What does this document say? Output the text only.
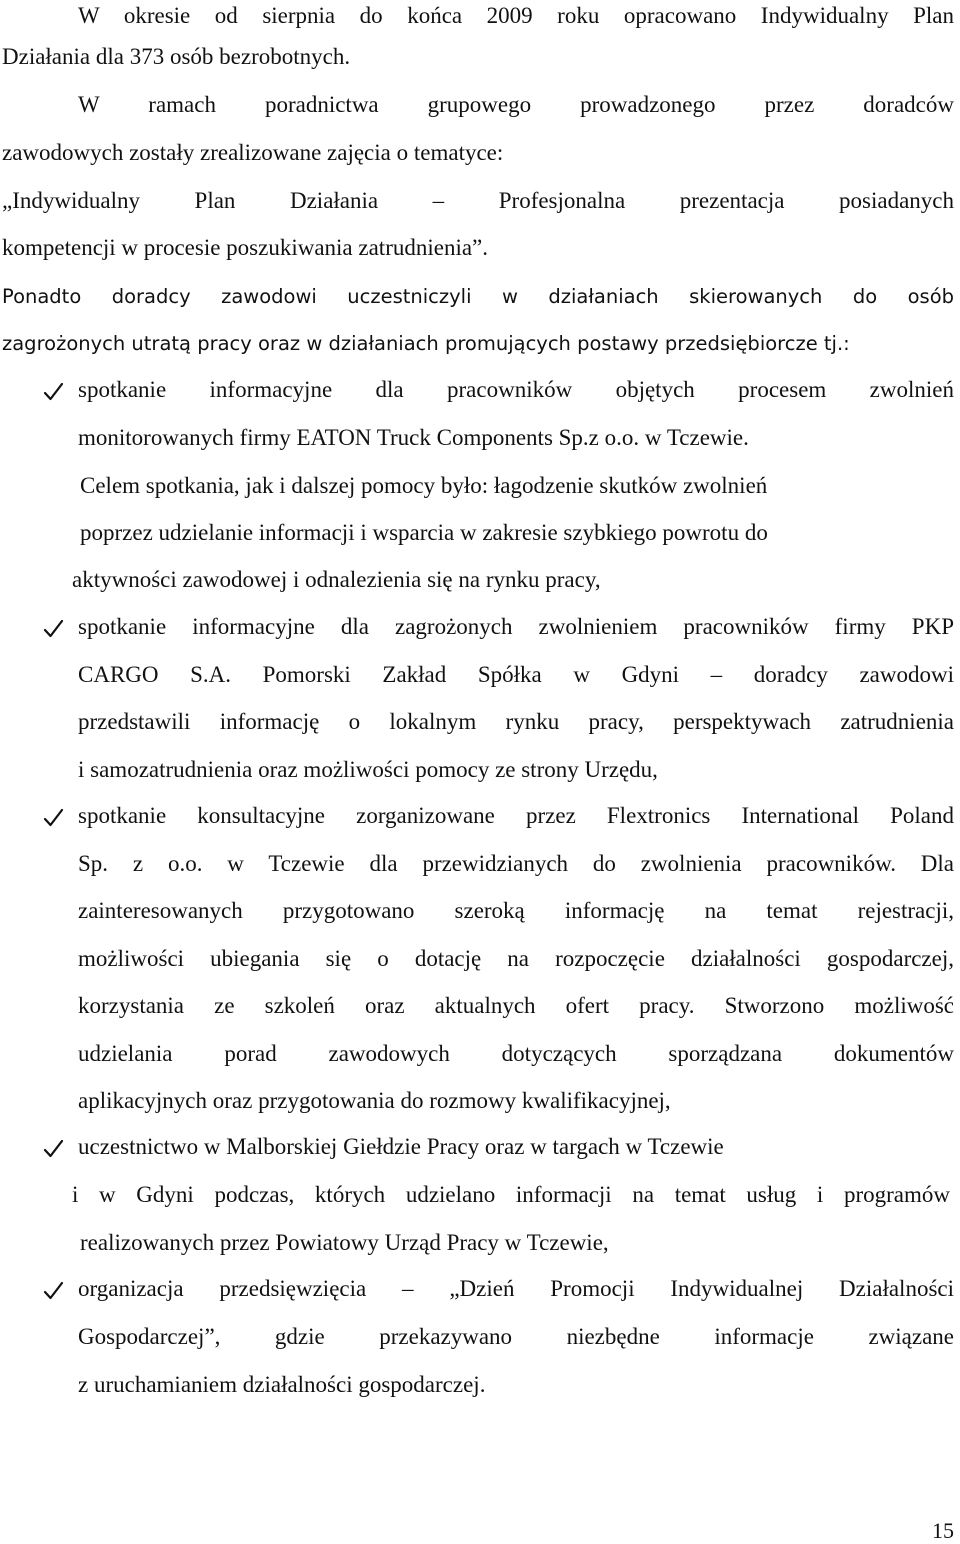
W okresie od sierpnia do końca 2009 roku opracowano Indywidualny Plan
Działania dla 373 osób bezrobotnych.
W ramach poradnictwa grupowego prowadzonego przez doradców
zawodowych zostały zrealizowane zajęcia o tematyce:
„Indywidualny Plan Działania – Profesjonalna prezentacja posiadanych
kompetencji w procesie poszukiwania zatrudnienia”.
Ponadto doradcy zawodowi uczestniczyli w działaniach skierowanych do osób
zagrożonych utratą pracy oraz w działaniach promujących postawy przedsiębiorcze tj.:
spotkanie informacyjne dla pracowników objętych procesem zwolnień
monitorowanych firmy EATON Truck Components Sp.z o.o. w Tczewie.
Celem spotkania, jak i dalszej pomocy było: łagodzenie skutków zwolnień
poprzez udzielanie informacji i wsparcia w zakresie szybkiego powrotu do
aktywności zawodowej i odnalezienia się na rynku pracy,
spotkanie informacyjne dla zagrożonych zwolnieniem pracowników firmy PKP
CARGO S.A. Pomorski Zakład Spółka w Gdyni – doradcy zawodowi
przedstawili informację o lokalnym rynku pracy, perspektywach zatrudnienia
i samozatrudnienia oraz możliwości pomocy ze strony Urzędu,
spotkanie konsultacyjne zorganizowane przez Flextronics International Poland
Sp. z o.o. w Tczewie dla przewidzianych do zwolnienia pracowników. Dla
zainteresowanych przygotowano szeroką informację na temat rejestracji,
możliwości ubiegania się o dotację na rozpoczęcie działalności gospodarczej,
korzystania ze szkoleń oraz aktualnych ofert pracy. Stworzono możliwość
udzielania porad zawodowych dotyczących sporządzana dokumentów
aplikacyjnych oraz przygotowania do rozmowy kwalifikacyjnej,
uczestnictwo w Malborskiej Giełdzie Pracy oraz w targach w Tczewie
i w Gdyni podczas, których udzielano informacji na temat usług i programów
realizowanych przez Powiatowy Urząd Pracy w Tczewie,
organizacja przedsięwzięcia – „Dzień Promocji Indywidualnej Działalności
Gospodarczej”, gdzie przekazywano niezbędne informacje związane
z uruchamianiem działalności gospodarczej.
15
